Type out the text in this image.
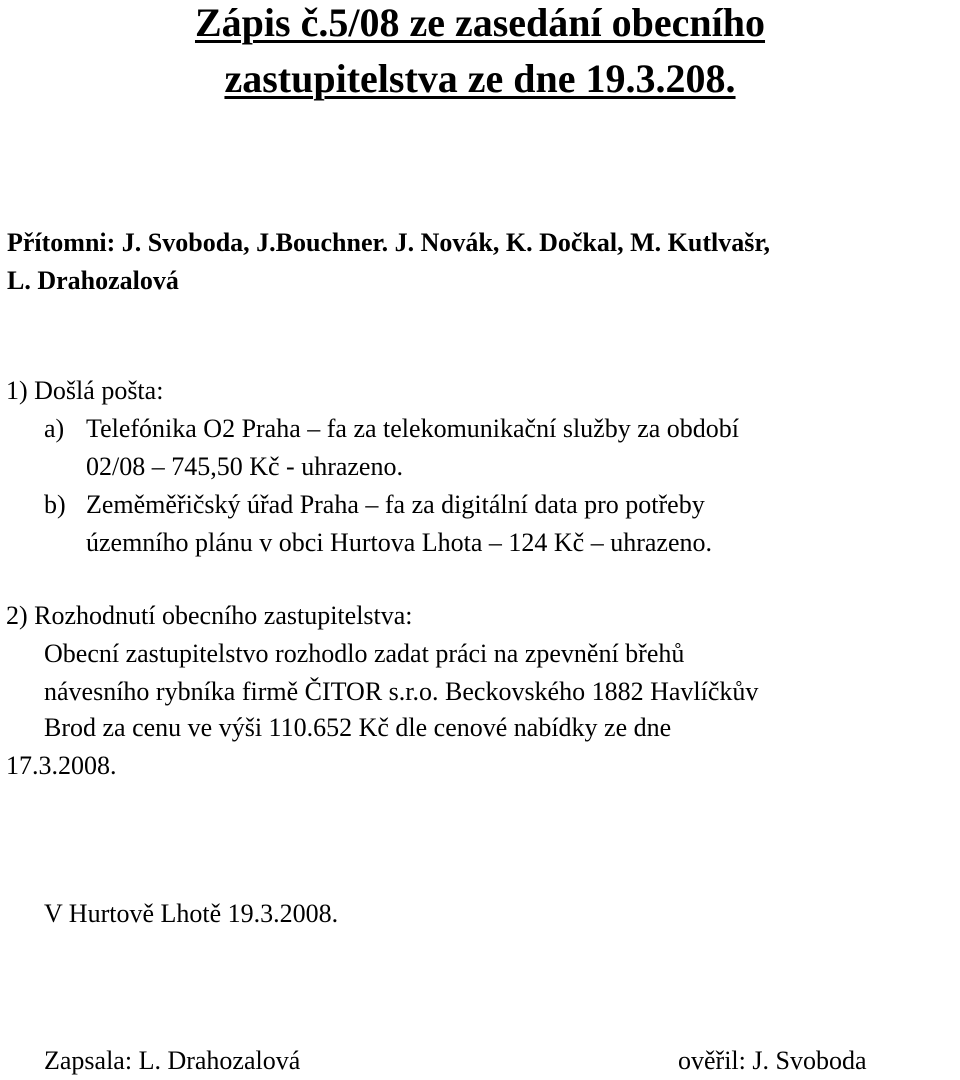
Zápis č.5/08 ze zasedání obecního
zastupitelstva ze dne 19.3.208.
Přítomni: J. Svoboda, J.Bouchner. J. Novák, K. Dočkal, M. Kutlvašr,
L. Drahozalová
1) Došlá pošta:
a) Telefónika O2 Praha – fa za telekomunikační služby za období
02/08 – 745,50 Kč - uhrazeno.
b) Zeměměřičský úřad Praha – fa za digitální data pro potřeby
územního plánu v obci Hurtova Lhota – 124 Kč – uhrazeno.
2) Rozhodnutí obecního zastupitelstva:
Obecní zastupitelstvo rozhodlo zadat práci na zpevnění břehů
návesního rybníka firmě ČITOR s.r.o. Beckovského 1882 Havlíčkův
Brod za cenu ve výši 110.652 Kč dle cenové nabídky ze dne
17.3.2008.
V Hurtově Lhotě 19.3.2008.
Zapsala: L. Drahozalová	ověřil: J. Svoboda
